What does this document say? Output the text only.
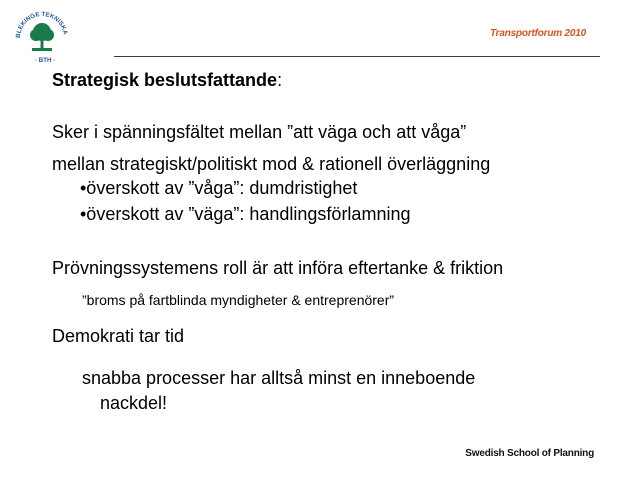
BLEKINGE TEKNISKA
· BTH ·
Transportforum 2010
Strategisk beslutsfattande:
Sker i spänningsfältet mellan ”att väga och att våga”
mellan strategiskt/politiskt mod & rationell överläggning
•överskott av ”våga”: dumdristighet
•överskott av ”väga”: handlingsförlamning
Prövningssystemens roll är att införa eftertanke & friktion
”broms på fartblinda myndigheter & entreprenörer”
Demokrati tar tid
snabba processer har alltså minst en inneboende
nackdel!
Swedish School of Planning
